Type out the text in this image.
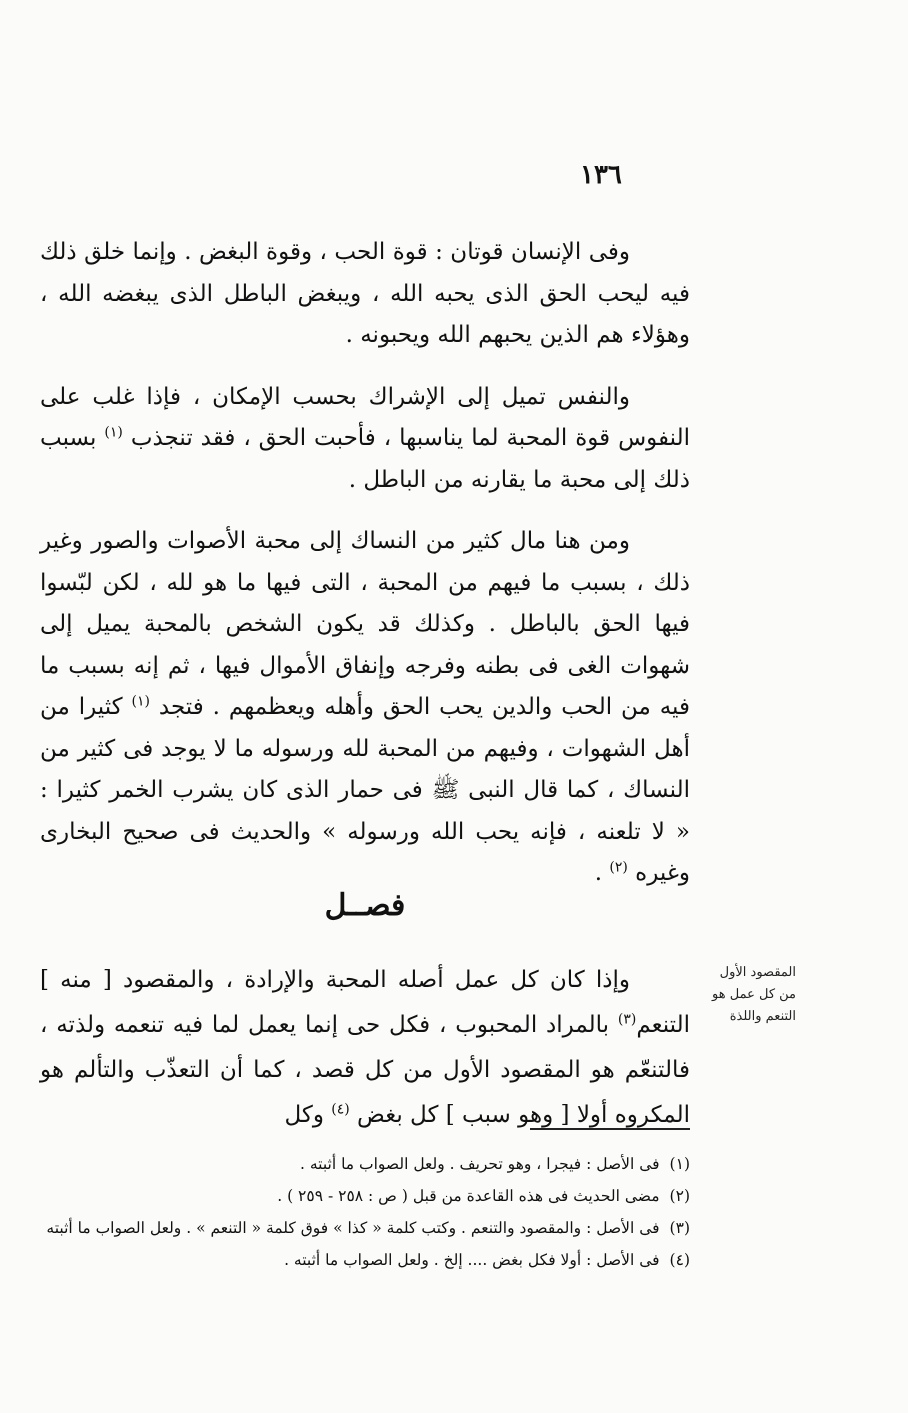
١٣٦

وفى الإنسان قوتان : قوة الحب ، وقوة البغض . وإنما خلق ذلك فيه ليحب الحق الذى يحبه الله ، ويبغض الباطل الذى يبغضه الله ، وهؤلاء هم الذين يحبهم الله ويحبونه .

والنفس تميل إلى الإشراك بحسب الإمكان ، فإذا غلب على النفوس قوة المحبة لما يناسبها ، فأحبت الحق ، فقد تنجذب $^{(١)}$ بسبب ذلك إلى محبة ما يقارنه من الباطل .

ومن هنا مال كثير من النساك إلى محبة الأصوات والصور وغير ذلك ، بسبب ما فيهم من المحبة ، التى فيها ما هو لله ، لكن لبّسوا فيها الحق بالباطل . وكذلك قد يكون الشخص بالمحبة يميل إلى شهوات الغى فى بطنه وفرجه وإنفاق الأموال فيها ، ثم إنه بسبب ما فيه من الحب والدين يحب الحق وأهله ويعظمهم . فتجد $^{(١)}$ كثيرا من أهل الشهوات ، وفيهم من المحبة لله ورسوله ما لا يوجد فى كثير من النساك ، كما قال النبى ﷺ فى حمار الذى كان يشرب الخمر كثيرا : « لا تلعنه ، فإنه يحب الله ورسوله » والحديث فى صحيح البخارى وغيره $^{(٢)}$ .

فصــل

وإذا كان كل عمل أصله المحبة والإرادة ، والمقصود [ منه ] التنعم$^{(٣)}$ بالمراد المحبوب ، فكل حى إنما يعمل لما فيه تنعمه ولذته ، فالتنعّم هو المقصود الأول من كل قصد ، كما أن التعذّب والتألم هو المكروه أولا [ وهو سبب ] كل بغض $^{(٤)}$ وكل

المقصود الأول من كل عمل هو التنعم واللذة
(١)فى الأصل : فيجرا ، وهو تحريف . ولعل الصواب ما أثبته .
(٢)مضى الحديث فى هذه القاعدة من قبل ( ص : ٢٥٨ - ٢٥٩ ) .
(٣)فى الأصل : والمقصود والتنعم . وكتب كلمة « كذا » فوق كلمة « التنعم » . ولعل الصواب ما أثبته
(٤)فى الأصل : أولا فكل بغض .... إلخ . ولعل الصواب ما أثبته .
